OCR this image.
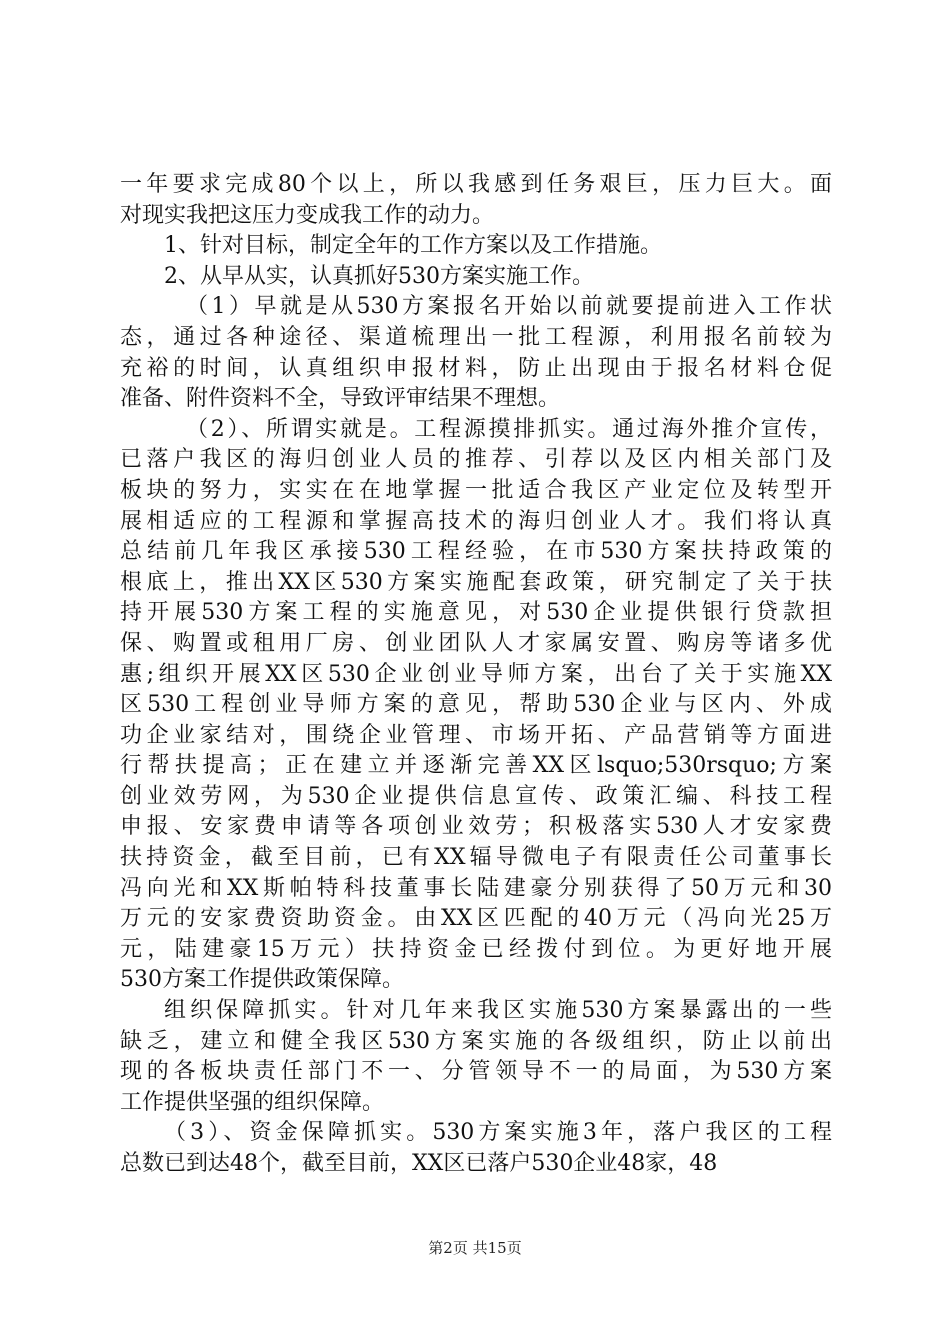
一年要求完成80个以上，所以我感到任务艰巨，压力巨大。面
对现实我把这压力变成我工作的动力。
1、针对目标，制定全年的工作方案以及工作措施。
2、从早从实，认真抓好530方案实施工作。
（1）早就是从530方案报名开始以前就要提前进入工作状
态，通过各种途径、渠道梳理出一批工程源，利用报名前较为
充裕的时间，认真组织申报材料，防止出现由于报名材料仓促
准备、附件资料不全，导致评审结果不理想。
（2）、所谓实就是。工程源摸排抓实。通过海外推介宣传，
已落户我区的海归创业人员的推荐、引荐以及区内相关部门及
板块的努力，实实在在地掌握一批适合我区产业定位及转型开
展相适应的工程源和掌握高技术的海归创业人才。我们将认真
总结前几年我区承接530工程经验，在市530方案扶持政策的
根底上，推出XX区530方案实施配套政策，研究制定了关于扶
持开展530方案工程的实施意见，对530企业提供银行贷款担
保、购置或租用厂房、创业团队人才家属安置、购房等诸多优
惠;组织开展XX区530企业创业导师方案，出台了关于实施XX
区530工程创业导师方案的意见，帮助530企业与区内、外成
功企业家结对，围绕企业管理、市场开拓、产品营销等方面进
行帮扶提高；正在建立并逐渐完善XX区lsquo;530rsquo;方案
创业效劳网，为530企业提供信息宣传、政策汇编、科技工程
申报、安家费申请等各项创业效劳；积极落实530人才安家费
扶持资金，截至目前，已有XX辐导微电子有限责任公司董事长
冯向光和XX斯帕特科技董事长陆建豪分别获得了50万元和30
万元的安家费资助资金。由XX区匹配的40万元（冯向光25万
元，陆建豪15万元）扶持资金已经拨付到位。为更好地开展
530方案工作提供政策保障。
组织保障抓实。针对几年来我区实施530方案暴露出的一些
缺乏，建立和健全我区530方案实施的各级组织，防止以前出
现的各板块责任部门不一、分管领导不一的局面，为530方案
工作提供坚强的组织保障。
（3）、资金保障抓实。530方案实施3年，落户我区的工程
总数已到达48个，截至目前，XX区已落户530企业48家，48
第2页 共15页
